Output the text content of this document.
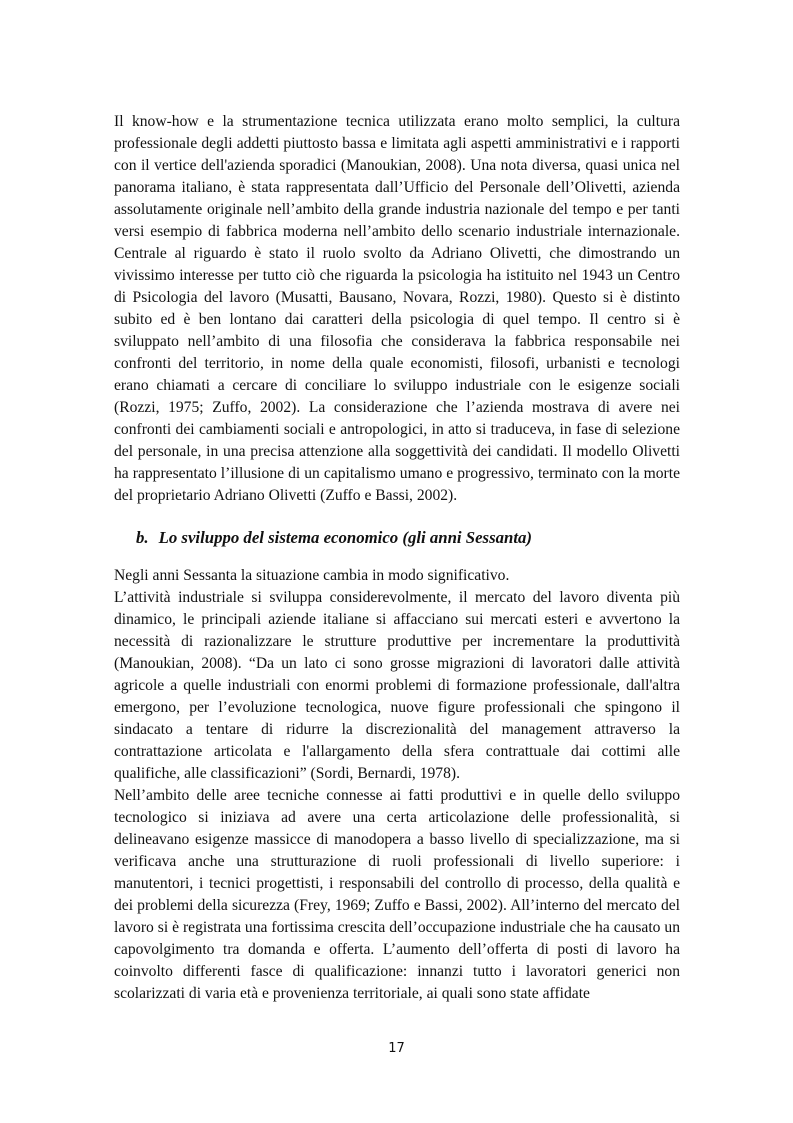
Il know-how e la strumentazione tecnica utilizzata erano molto semplici, la cultura professionale degli addetti piuttosto bassa e limitata agli aspetti amministrativi e i rapporti con il vertice dell'azienda sporadici (Manoukian, 2008). Una nota diversa, quasi unica nel panorama italiano, è stata rappresentata dall’Ufficio del Personale dell’Olivetti, azienda assolutamente originale nell’ambito della grande industria nazionale del tempo e per tanti versi esempio di fabbrica moderna nell’ambito dello scenario industriale internazionale. Centrale al riguardo è stato il ruolo svolto da Adriano Olivetti, che dimostrando un vivissimo interesse per tutto ciò che riguarda la psicologia ha istituito nel 1943 un Centro di Psicologia del lavoro (Musatti, Bausano, Novara, Rozzi, 1980). Questo si è distinto subito ed è ben lontano dai caratteri della psicologia di quel tempo. Il centro si è sviluppato nell’ambito di una filosofia che considerava la fabbrica responsabile nei confronti del territorio, in nome della quale economisti, filosofi, urbanisti e tecnologi erano chiamati a cercare di conciliare lo sviluppo industriale con le esigenze sociali (Rozzi, 1975; Zuffo, 2002). La considerazione che l’azienda mostrava di avere nei confronti dei cambiamenti sociali e antropologici, in atto si traduceva, in fase di selezione del personale, in una precisa attenzione alla soggettività dei candidati. Il modello Olivetti ha rappresentato l’illusione di un capitalismo umano e progressivo, terminato con la morte del proprietario Adriano Olivetti (Zuffo e Bassi, 2002).

b. Lo sviluppo del sistema economico (gli anni Sessanta)

Negli anni Sessanta la situazione cambia in modo significativo.

L’attività industriale si sviluppa considerevolmente, il mercato del lavoro diventa più dinamico, le principali aziende italiane si affacciano sui mercati esteri e avvertono la necessità di razionalizzare le strutture produttive per incrementare la produttività (Manoukian, 2008). “Da un lato ci sono grosse migrazioni di lavoratori dalle attività agricole a quelle industriali con enormi problemi di formazione professionale, dall'altra emergono, per l’evoluzione tecnologica, nuove figure professionali che spingono il sindacato a tentare di ridurre la discrezionalità del management attraverso la contrattazione articolata e l'allargamento della sfera contrattuale dai cottimi alle qualifiche, alle classificazioni” (Sordi, Bernardi, 1978).

Nell’ambito delle aree tecniche connesse ai fatti produttivi e in quelle dello sviluppo tecnologico si iniziava ad avere una certa articolazione delle professionalità, si delineavano esigenze massicce di manodopera a basso livello di specializzazione, ma si verificava anche una strutturazione di ruoli professionali di livello superiore: i manutentori, i tecnici progettisti, i responsabili del controllo di processo, della qualità e dei problemi della sicurezza (Frey, 1969; Zuffo e Bassi, 2002). All’interno del mercato del lavoro si è registrata una fortissima crescita dell’occupazione industriale che ha causato un capovolgimento tra domanda e offerta. L’aumento dell’offerta di posti di lavoro ha coinvolto differenti fasce di qualificazione: innanzi tutto i lavoratori generici non scolarizzati di varia età e provenienza territoriale, ai quali sono state affidate

17
